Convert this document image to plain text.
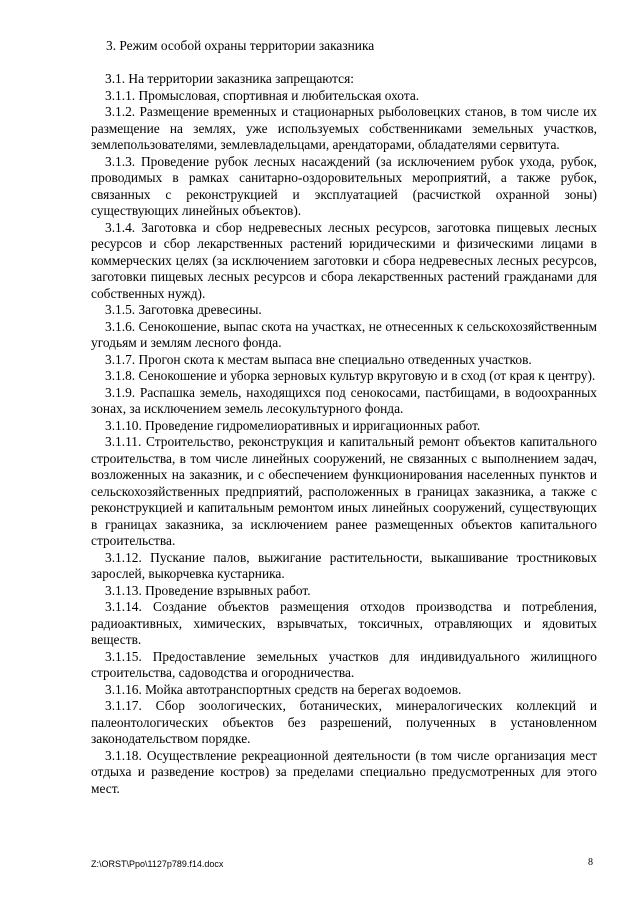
3. Режим особой охраны территории заказника

3.1. На территории заказника запрещаются:

3.1.1. Промысловая, спортивная и любительская охота.

3.1.2. Размещение временных и стационарных рыболовецких станов, в том числе их размещение на землях, уже используемых собственниками земельных участков, землепользователями, землевладельцами, арендаторами, обладателями сервитута.

3.1.3. Проведение рубок лесных насаждений (за исключением рубок ухода, рубок, проводимых в рамках санитарно-оздоровительных мероприятий, а также рубок, связанных с реконструкцией и эксплуатацией (расчисткой охранной зоны) существующих линейных объектов).

3.1.4. Заготовка и сбор недревесных лесных ресурсов, заготовка пищевых лесных ресурсов и сбор лекарственных растений юридическими и физическими лицами в коммерческих целях (за исключением заготовки и сбора недревесных лесных ресурсов, заготовки пищевых лесных ресурсов и сбора лекарственных растений гражданами для собственных нужд).

3.1.5. Заготовка древесины.

3.1.6. Сенокошение, выпас скота на участках, не отнесенных к сельскохозяйственным угодьям и землям лесного фонда.

3.1.7. Прогон скота к местам выпаса вне специально отведенных участков.

3.1.8. Сенокошение и уборка зерновых культур вкруговую и в сход (от края к центру).

3.1.9. Распашка земель, находящихся под сенокосами, пастбищами, в водоохранных зонах, за исключением земель лесокультурного фонда.

3.1.10. Проведение гидромелиоративных и ирригационных работ.

3.1.11. Строительство, реконструкция и капитальный ремонт объектов капитального строительства, в том числе линейных сооружений, не связанных с выполнением задач, возложенных на заказник, и с обеспечением функционирования населенных пунктов и сельскохозяйственных предприятий, расположенных в границах заказника, а также с реконструкцией и капитальным ремонтом иных линейных сооружений, существующих в границах заказника, за исключением ранее размещенных объектов капитального строительства.

3.1.12. Пускание палов, выжигание растительности, выкашивание тростниковых зарослей, выкорчевка кустарника.

3.1.13. Проведение взрывных работ.

3.1.14. Создание объектов размещения отходов производства и потребления, радиоактивных, химических, взрывчатых, токсичных, отравляющих и ядовитых веществ.

3.1.15. Предоставление земельных участков для индивидуального жилищного строительства, садоводства и огородничества.

3.1.16. Мойка автотранспортных средств на берегах водоемов.

3.1.17. Сбор зоологических, ботанических, минералогических коллекций и палеонтологических объектов без разрешений, полученных в установленном законодательством порядке.

3.1.18. Осуществление рекреационной деятельности (в том числе организация мест отдыха и разведение костров) за пределами специально предусмотренных для этого мест.

Z:\ORST\Ppo\1127p789.f14.docx	8
